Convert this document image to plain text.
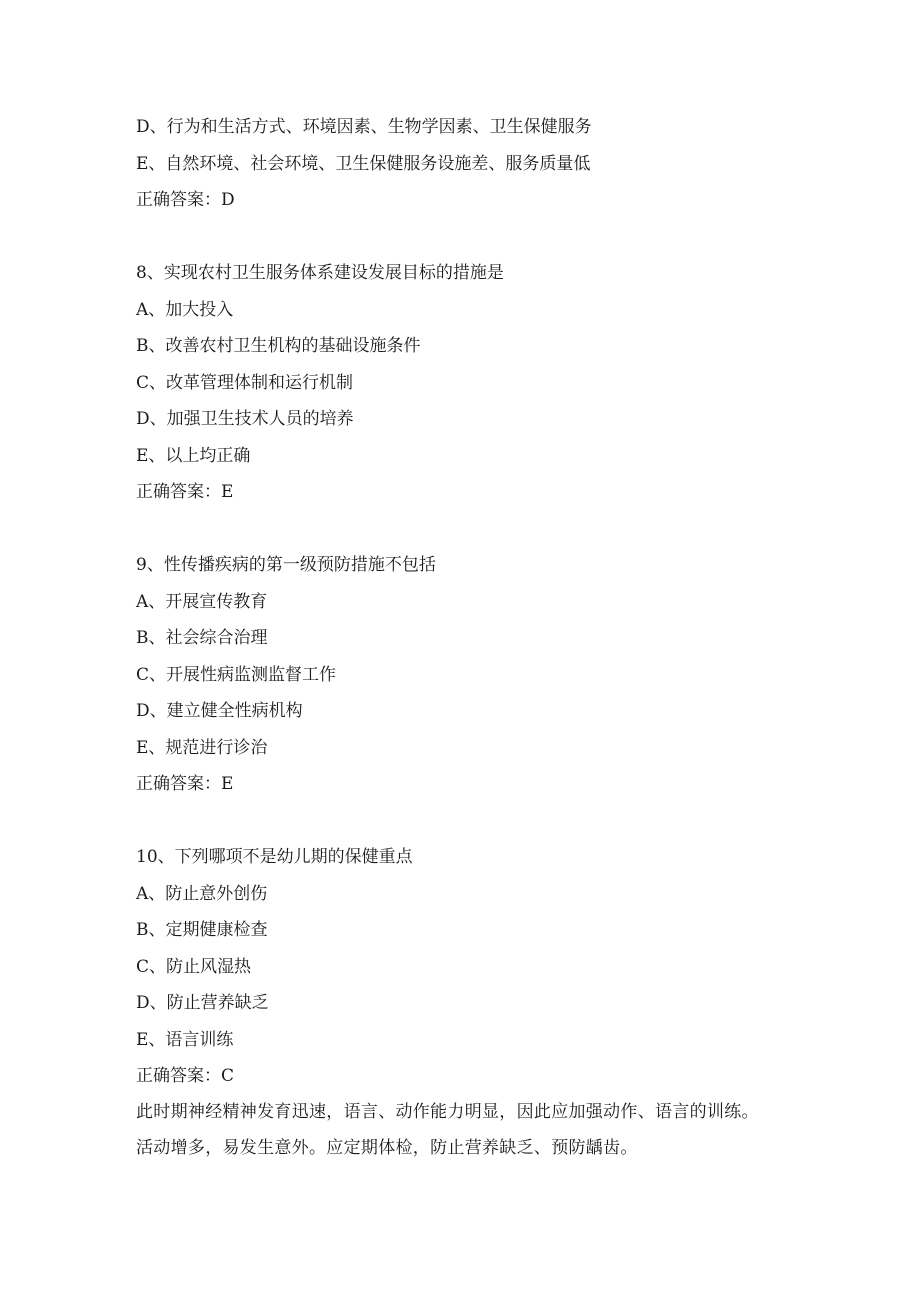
D、行为和生活方式、环境因素、生物学因素、卫生保健服务
E、自然环境、社会环境、卫生保健服务设施差、服务质量低
正确答案：D
8、实现农村卫生服务体系建设发展目标的措施是
A、加大投入
B、改善农村卫生机构的基础设施条件
C、改革管理体制和运行机制
D、加强卫生技术人员的培养
E、以上均正确
正确答案：E
9、性传播疾病的第一级预防措施不包括
A、开展宣传教育
B、社会综合治理
C、开展性病监测监督工作
D、建立健全性病机构
E、规范进行诊治
正确答案：E
10、下列哪项不是幼儿期的保健重点
A、防止意外创伤
B、定期健康检查
C、防止风湿热
D、防止营养缺乏
E、语言训练
正确答案：C
此时期神经精神发育迅速，语言、动作能力明显，因此应加强动作、语言的训练。活动增多，易发生意外。应定期体检，防止营养缺乏、预防龋齿。
